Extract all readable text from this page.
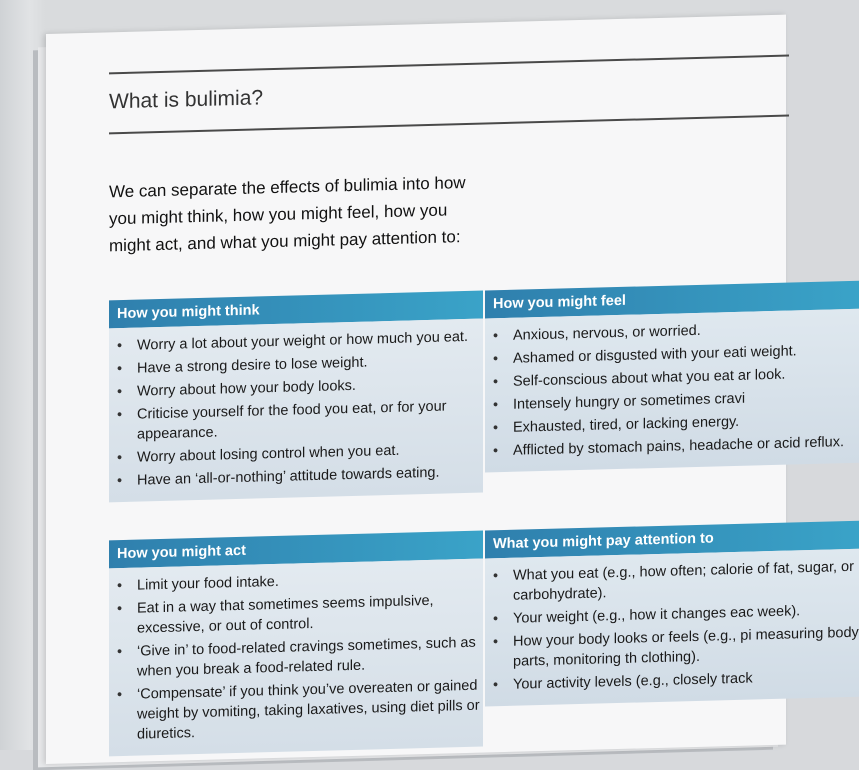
What is bulimia?

We can separate the effects of bulimia into how you might think, how you might feel, how you might act, and what you might pay attention to:

How you might think
• Worry a lot about your weight or how much you eat.
• Have a strong desire to lose weight.
• Worry about how your body looks.
• Criticise yourself for the food you eat, or for your appearance.
• Worry about losing control when you eat.
• Have an ‘all-or-nothing’ attitude towards eating.
How you might feel
• Anxious, nervous, or worried.
• Ashamed or disgusted with your eati weight.
• Self-conscious about what you eat ar look.
• Intensely hungry or sometimes cravi
• Exhausted, tired, or lacking energy.
• Afflicted by stomach pains, headache or acid reflux.
How you might act
• Limit your food intake.
• Eat in a way that sometimes seems impulsive, excessive, or out of control.
• ‘Give in’ to food-related cravings sometimes, such as when you break a food-related rule.
• ‘Compensate’ if you think you’ve overeaten or gained weight by vomiting, taking laxatives, using diet pills or diuretics.
What you might pay attention to
• What you eat (e.g., how often; calorie of fat, sugar, or carbohydrate).
• Your weight (e.g., how it changes eac week).
• How your body looks or feels (e.g., pi measuring body parts, monitoring th clothing).
• Your activity levels (e.g., closely track
